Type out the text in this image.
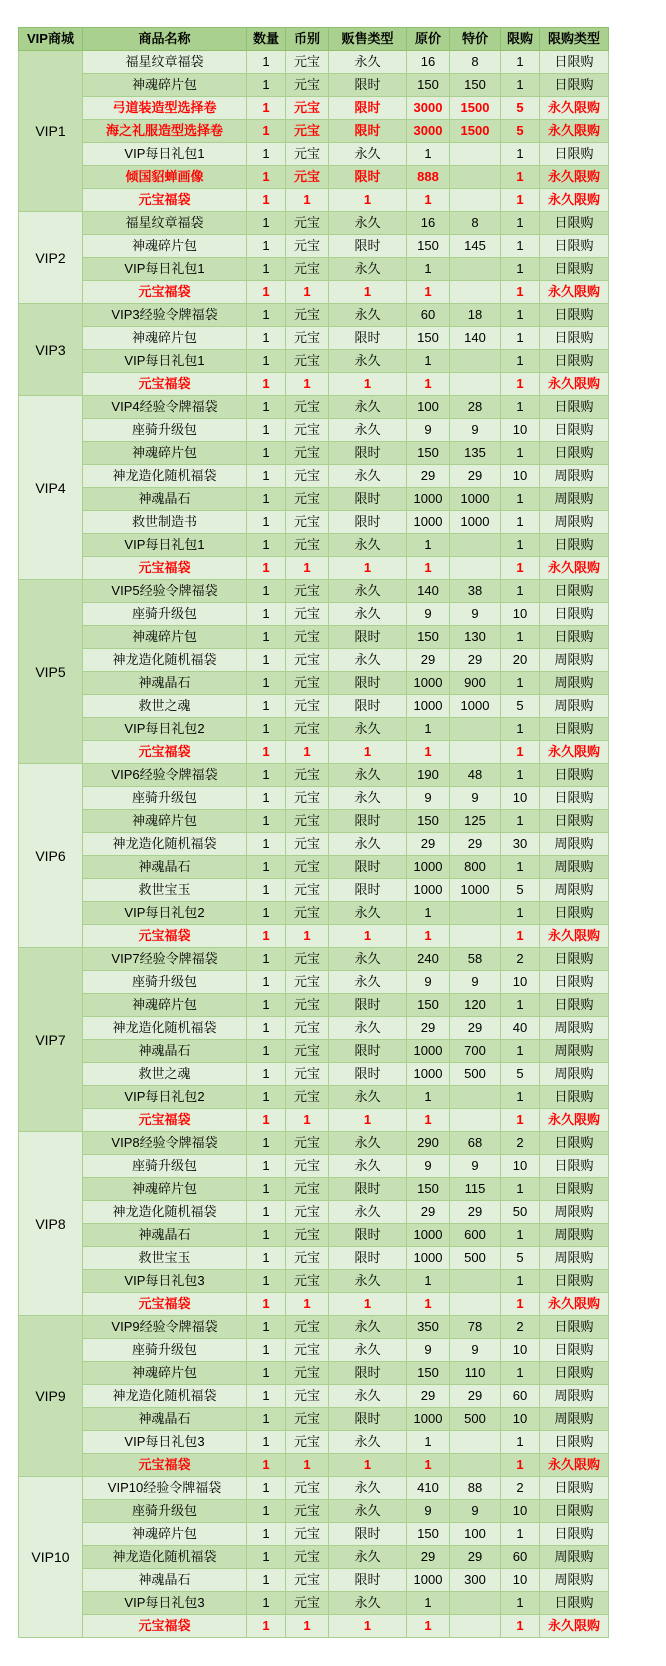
VIP商城	商品名称	数量	币别	贩售类型	原价	特价	限购	限购类型
VIP1	福星纹章福袋	1	元宝	永久	16	8	1	日限购
	神魂碎片包	1	元宝	限时	150	150	1	日限购
	弓道装造型选择卷	1	元宝	限时	3000	1500	5	永久限购
	海之礼服造型选择卷	1	元宝	限时	3000	1500	5	永久限购
	VIP每日礼包1	1	元宝	永久	1		1	日限购
	倾国貂蝉画像	1	元宝	限时	888		1	永久限购
	元宝福袋	1	1	1	1		1	永久限购
VIP2	福星纹章福袋	1	元宝	永久	16	8	1	日限购
	神魂碎片包	1	元宝	限时	150	145	1	日限购
	VIP每日礼包1	1	元宝	永久	1		1	日限购
	元宝福袋	1	1	1	1		1	永久限购
VIP3	VIP3经验令牌福袋	1	元宝	永久	60	18	1	日限购
	神魂碎片包	1	元宝	限时	150	140	1	日限购
	VIP每日礼包1	1	元宝	永久	1		1	日限购
	元宝福袋	1	1	1	1		1	永久限购
VIP4	VIP4经验令牌福袋	1	元宝	永久	100	28	1	日限购
	座骑升级包	1	元宝	永久	9	9	10	日限购
	神魂碎片包	1	元宝	限时	150	135	1	日限购
	神龙造化随机福袋	1	元宝	永久	29	29	10	周限购
	神魂晶石	1	元宝	限时	1000	1000	1	周限购
	救世制造书	1	元宝	限时	1000	1000	1	周限购
	VIP每日礼包1	1	元宝	永久	1		1	日限购
	元宝福袋	1	1	1	1		1	永久限购
VIP5	VIP5经验令牌福袋	1	元宝	永久	140	38	1	日限购
	座骑升级包	1	元宝	永久	9	9	10	日限购
	神魂碎片包	1	元宝	限时	150	130	1	日限购
	神龙造化随机福袋	1	元宝	永久	29	29	20	周限购
	神魂晶石	1	元宝	限时	1000	900	1	周限购
	救世之魂	1	元宝	限时	1000	1000	5	周限购
	VIP每日礼包2	1	元宝	永久	1		1	日限购
	元宝福袋	1	1	1	1		1	永久限购
VIP6	VIP6经验令牌福袋	1	元宝	永久	190	48	1	日限购
	座骑升级包	1	元宝	永久	9	9	10	日限购
	神魂碎片包	1	元宝	限时	150	125	1	日限购
	神龙造化随机福袋	1	元宝	永久	29	29	30	周限购
	神魂晶石	1	元宝	限时	1000	800	1	周限购
	救世宝玉	1	元宝	限时	1000	1000	5	周限购
	VIP每日礼包2	1	元宝	永久	1		1	日限购
	元宝福袋	1	1	1	1		1	永久限购
VIP7	VIP7经验令牌福袋	1	元宝	永久	240	58	2	日限购
	座骑升级包	1	元宝	永久	9	9	10	日限购
	神魂碎片包	1	元宝	限时	150	120	1	日限购
	神龙造化随机福袋	1	元宝	永久	29	29	40	周限购
	神魂晶石	1	元宝	限时	1000	700	1	周限购
	救世之魂	1	元宝	限时	1000	500	5	周限购
	VIP每日礼包2	1	元宝	永久	1		1	日限购
	元宝福袋	1	1	1	1		1	永久限购
VIP8	VIP8经验令牌福袋	1	元宝	永久	290	68	2	日限购
	座骑升级包	1	元宝	永久	9	9	10	日限购
	神魂碎片包	1	元宝	限时	150	115	1	日限购
	神龙造化随机福袋	1	元宝	永久	29	29	50	周限购
	神魂晶石	1	元宝	限时	1000	600	1	周限购
	救世宝玉	1	元宝	限时	1000	500	5	周限购
	VIP每日礼包3	1	元宝	永久	1		1	日限购
	元宝福袋	1	1	1	1		1	永久限购
VIP9	VIP9经验令牌福袋	1	元宝	永久	350	78	2	日限购
	座骑升级包	1	元宝	永久	9	9	10	日限购
	神魂碎片包	1	元宝	限时	150	110	1	日限购
	神龙造化随机福袋	1	元宝	永久	29	29	60	周限购
	神魂晶石	1	元宝	限时	1000	500	10	周限购
	VIP每日礼包3	1	元宝	永久	1		1	日限购
	元宝福袋	1	1	1	1		1	永久限购
VIP10	VIP10经验令牌福袋	1	元宝	永久	410	88	2	日限购
	座骑升级包	1	元宝	永久	9	9	10	日限购
	神魂碎片包	1	元宝	限时	150	100	1	日限购
	神龙造化随机福袋	1	元宝	永久	29	29	60	周限购
	神魂晶石	1	元宝	限时	1000	300	10	周限购
	VIP每日礼包3	1	元宝	永久	1		1	日限购
	元宝福袋	1	1	1	1		1	永久限购
